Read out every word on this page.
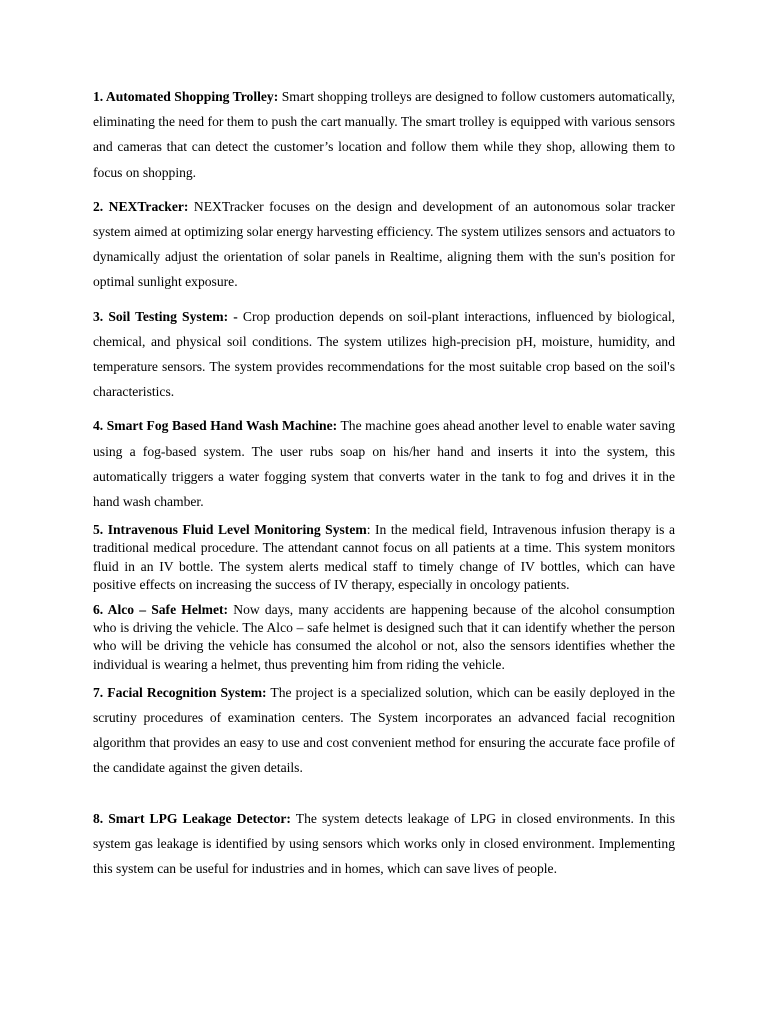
1. Automated Shopping Trolley: Smart shopping trolleys are designed to follow customers automatically, eliminating the need for them to push the cart manually. The smart trolley is equipped with various sensors and cameras that can detect the customer’s location and follow them while they shop, allowing them to focus on shopping.

2. NEXTracker: NEXTracker focuses on the design and development of an autonomous solar tracker system aimed at optimizing solar energy harvesting efficiency. The system utilizes sensors and actuators to dynamically adjust the orientation of solar panels in Realtime, aligning them with the sun's position for optimal sunlight exposure.

3. Soil Testing System: - Crop production depends on soil-plant interactions, influenced by biological, chemical, and physical soil conditions. The system utilizes high-precision pH, moisture, humidity, and temperature sensors. The system provides recommendations for the most suitable crop based on the soil's characteristics.

4. Smart Fog Based Hand Wash Machine: The machine goes ahead another level to enable water saving using a fog-based system. The user rubs soap on his/her hand and inserts it into the system, this automatically triggers a water fogging system that converts water in the tank to fog and drives it in the hand wash chamber.

5. Intravenous Fluid Level Monitoring System: In the medical field, Intravenous infusion therapy is a traditional medical procedure. The attendant cannot focus on all patients at a time. This system monitors fluid in an IV bottle. The system alerts medical staff to timely change of IV bottles, which can have positive effects on increasing the success of IV therapy, especially in oncology patients.

6. Alco – Safe Helmet: Now days, many accidents are happening because of the alcohol consumption who is driving the vehicle. The Alco – safe helmet is designed such that it can identify whether the person who will be driving the vehicle has consumed the alcohol or not, also the sensors identifies whether the individual is wearing a helmet, thus preventing him from riding the vehicle.

7. Facial Recognition System: The project is a specialized solution, which can be easily deployed in the scrutiny procedures of examination centers. The System incorporates an advanced facial recognition algorithm that provides an easy to use and cost convenient method for ensuring the accurate face profile of the candidate against the given details.

8. Smart LPG Leakage Detector: The system detects leakage of LPG in closed environments. In this system gas leakage is identified by using sensors which works only in closed environment. Implementing this system can be useful for industries and in homes, which can save lives of people.
